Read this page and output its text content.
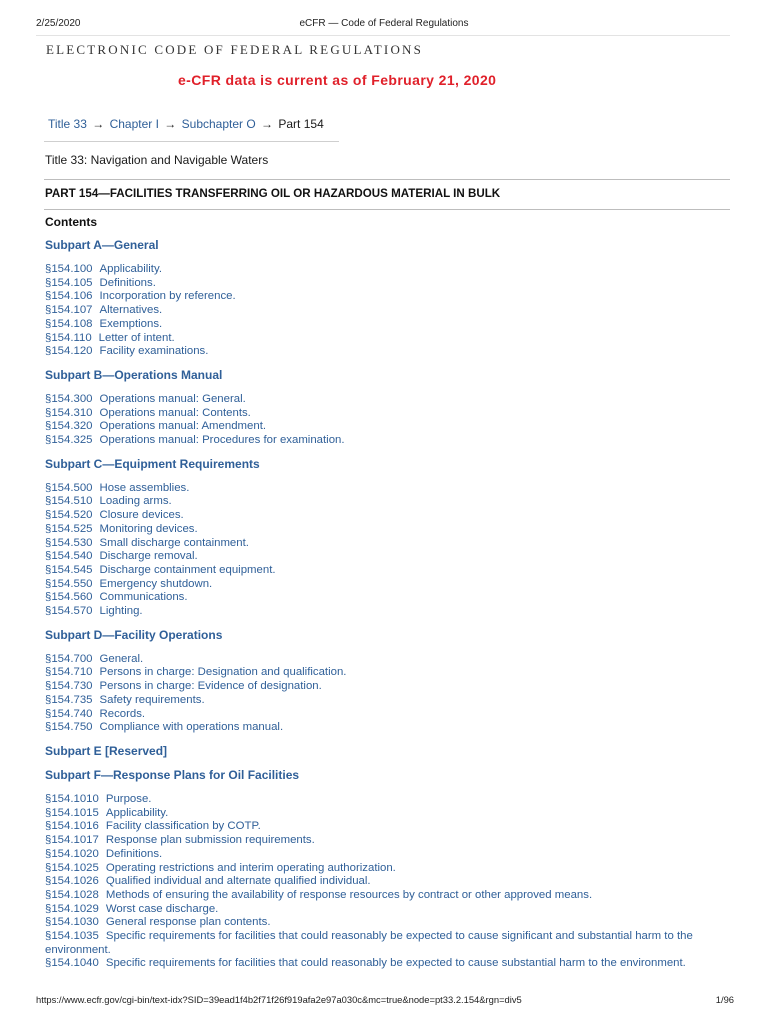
2/25/2020	eCFR — Code of Federal Regulations
ELECTRONIC CODE OF FEDERAL REGULATIONS
e-CFR data is current as of February 21, 2020
Title 33 → Chapter I → Subchapter O → Part 154
Title 33: Navigation and Navigable Waters
PART 154—FACILITIES TRANSFERRING OIL OR HAZARDOUS MATERIAL IN BULK
Contents
Subpart A—General
§154.100 Applicability.
§154.105 Definitions.
§154.106 Incorporation by reference.
§154.107 Alternatives.
§154.108 Exemptions.
§154.110 Letter of intent.
§154.120 Facility examinations.
Subpart B—Operations Manual
§154.300 Operations manual: General.
§154.310 Operations manual: Contents.
§154.320 Operations manual: Amendment.
§154.325 Operations manual: Procedures for examination.
Subpart C—Equipment Requirements
§154.500 Hose assemblies.
§154.510 Loading arms.
§154.520 Closure devices.
§154.525 Monitoring devices.
§154.530 Small discharge containment.
§154.540 Discharge removal.
§154.545 Discharge containment equipment.
§154.550 Emergency shutdown.
§154.560 Communications.
§154.570 Lighting.
Subpart D—Facility Operations
§154.700 General.
§154.710 Persons in charge: Designation and qualification.
§154.730 Persons in charge: Evidence of designation.
§154.735 Safety requirements.
§154.740 Records.
§154.750 Compliance with operations manual.
Subpart E [Reserved]
Subpart F—Response Plans for Oil Facilities
§154.1010 Purpose.
§154.1015 Applicability.
§154.1016 Facility classification by COTP.
§154.1017 Response plan submission requirements.
§154.1020 Definitions.
§154.1025 Operating restrictions and interim operating authorization.
§154.1026 Qualified individual and alternate qualified individual.
§154.1028 Methods of ensuring the availability of response resources by contract or other approved means.
§154.1029 Worst case discharge.
§154.1030 General response plan contents.
§154.1035 Specific requirements for facilities that could reasonably be expected to cause significant and substantial harm to the environment.
§154.1040 Specific requirements for facilities that could reasonably be expected to cause substantial harm to the environment.
https://www.ecfr.gov/cgi-bin/text-idx?SID=39ead1f4b2f71f26f919afa2e97a030c&mc=true&node=pt33.2.154&rgn=div5	1/96
